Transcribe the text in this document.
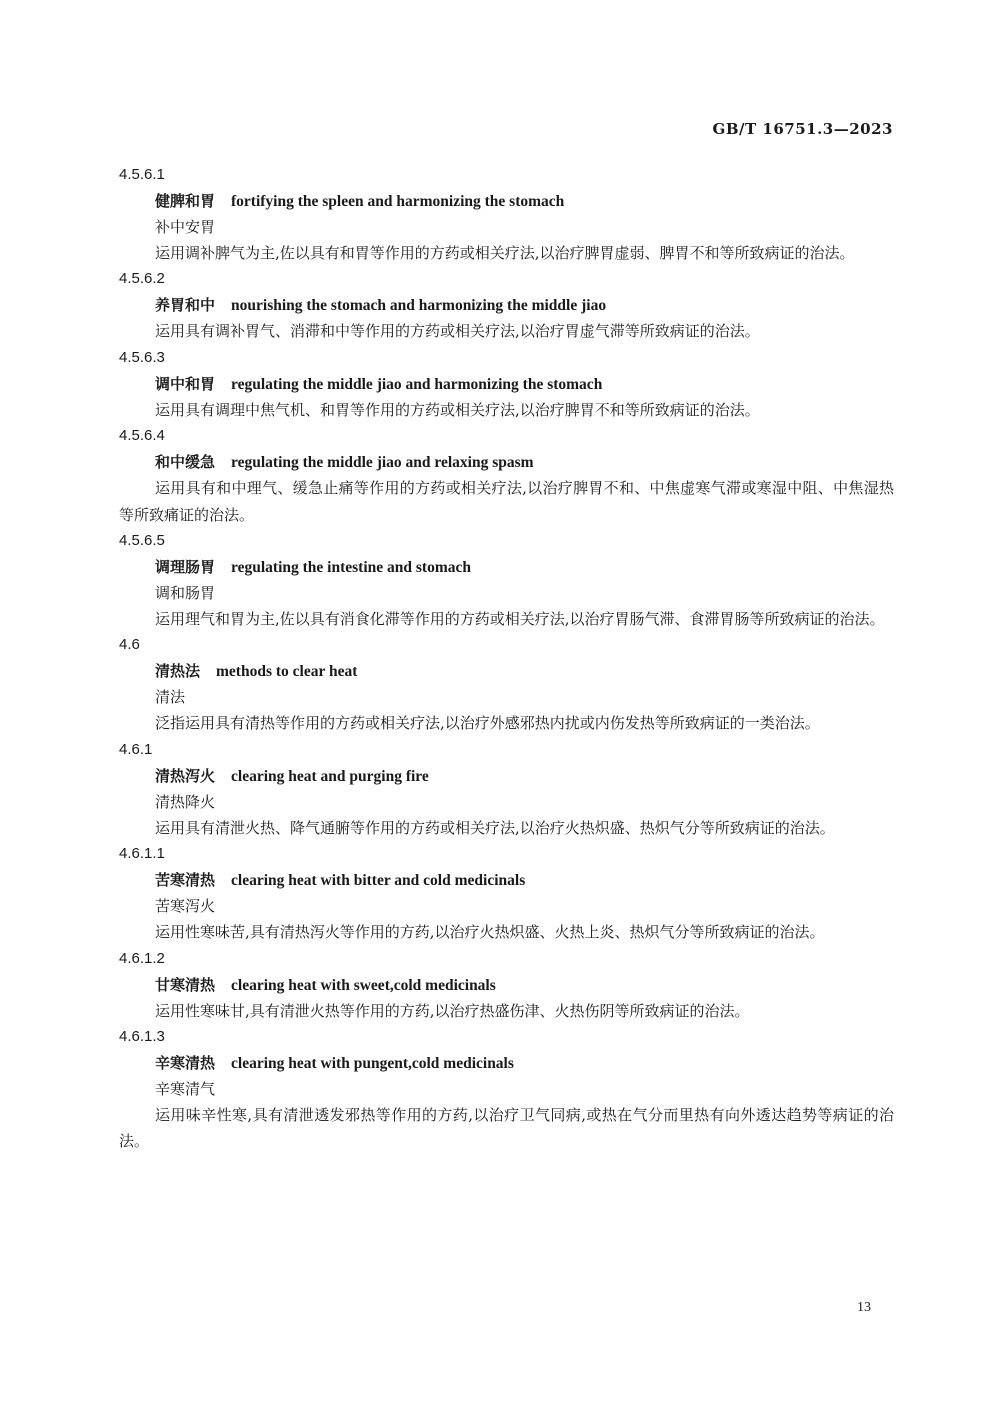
GB/T 16751.3—2023
4.5.6.1
健脾和胃 fortifying the spleen and harmonizing the stomach
补中安胃
运用调补脾气为主,佐以具有和胃等作用的方药或相关疗法,以治疗脾胃虚弱、脾胃不和等所致病证的治法。
4.5.6.2
养胃和中 nourishing the stomach and harmonizing the middle jiao
运用具有调补胃气、消滞和中等作用的方药或相关疗法,以治疗胃虚气滞等所致病证的治法。
4.5.6.3
调中和胃 regulating the middle jiao and harmonizing the stomach
运用具有调理中焦气机、和胃等作用的方药或相关疗法,以治疗脾胃不和等所致病证的治法。
4.5.6.4
和中缓急 regulating the middle jiao and relaxing spasm
运用具有和中理气、缓急止痛等作用的方药或相关疗法,以治疗脾胃不和、中焦虚寒气滞或寒湿中阻、中焦湿热等所致痛证的治法。
4.5.6.5
调理肠胃 regulating the intestine and stomach
调和肠胃
运用理气和胃为主,佐以具有消食化滞等作用的方药或相关疗法,以治疗胃肠气滞、食滞胃肠等所致病证的治法。
4.6
清热法 methods to clear heat
清法
泛指运用具有清热等作用的方药或相关疗法,以治疗外感邪热内扰或内伤发热等所致病证的一类治法。
4.6.1
清热泻火 clearing heat and purging fire
清热降火
运用具有清泄火热、降气通腑等作用的方药或相关疗法,以治疗火热炽盛、热炽气分等所致病证的治法。
4.6.1.1
苦寒清热 clearing heat with bitter and cold medicinals
苦寒泻火
运用性寒味苦,具有清热泻火等作用的方药,以治疗火热炽盛、火热上炎、热炽气分等所致病证的治法。
4.6.1.2
甘寒清热 clearing heat with sweet,cold medicinals
运用性寒味甘,具有清泄火热等作用的方药,以治疗热盛伤津、火热伤阴等所致病证的治法。
4.6.1.3
辛寒清热 clearing heat with pungent,cold medicinals
辛寒清气
运用味辛性寒,具有清泄透发邪热等作用的方药,以治疗卫气同病,或热在气分而里热有向外透达趋势等病证的治法。
13
